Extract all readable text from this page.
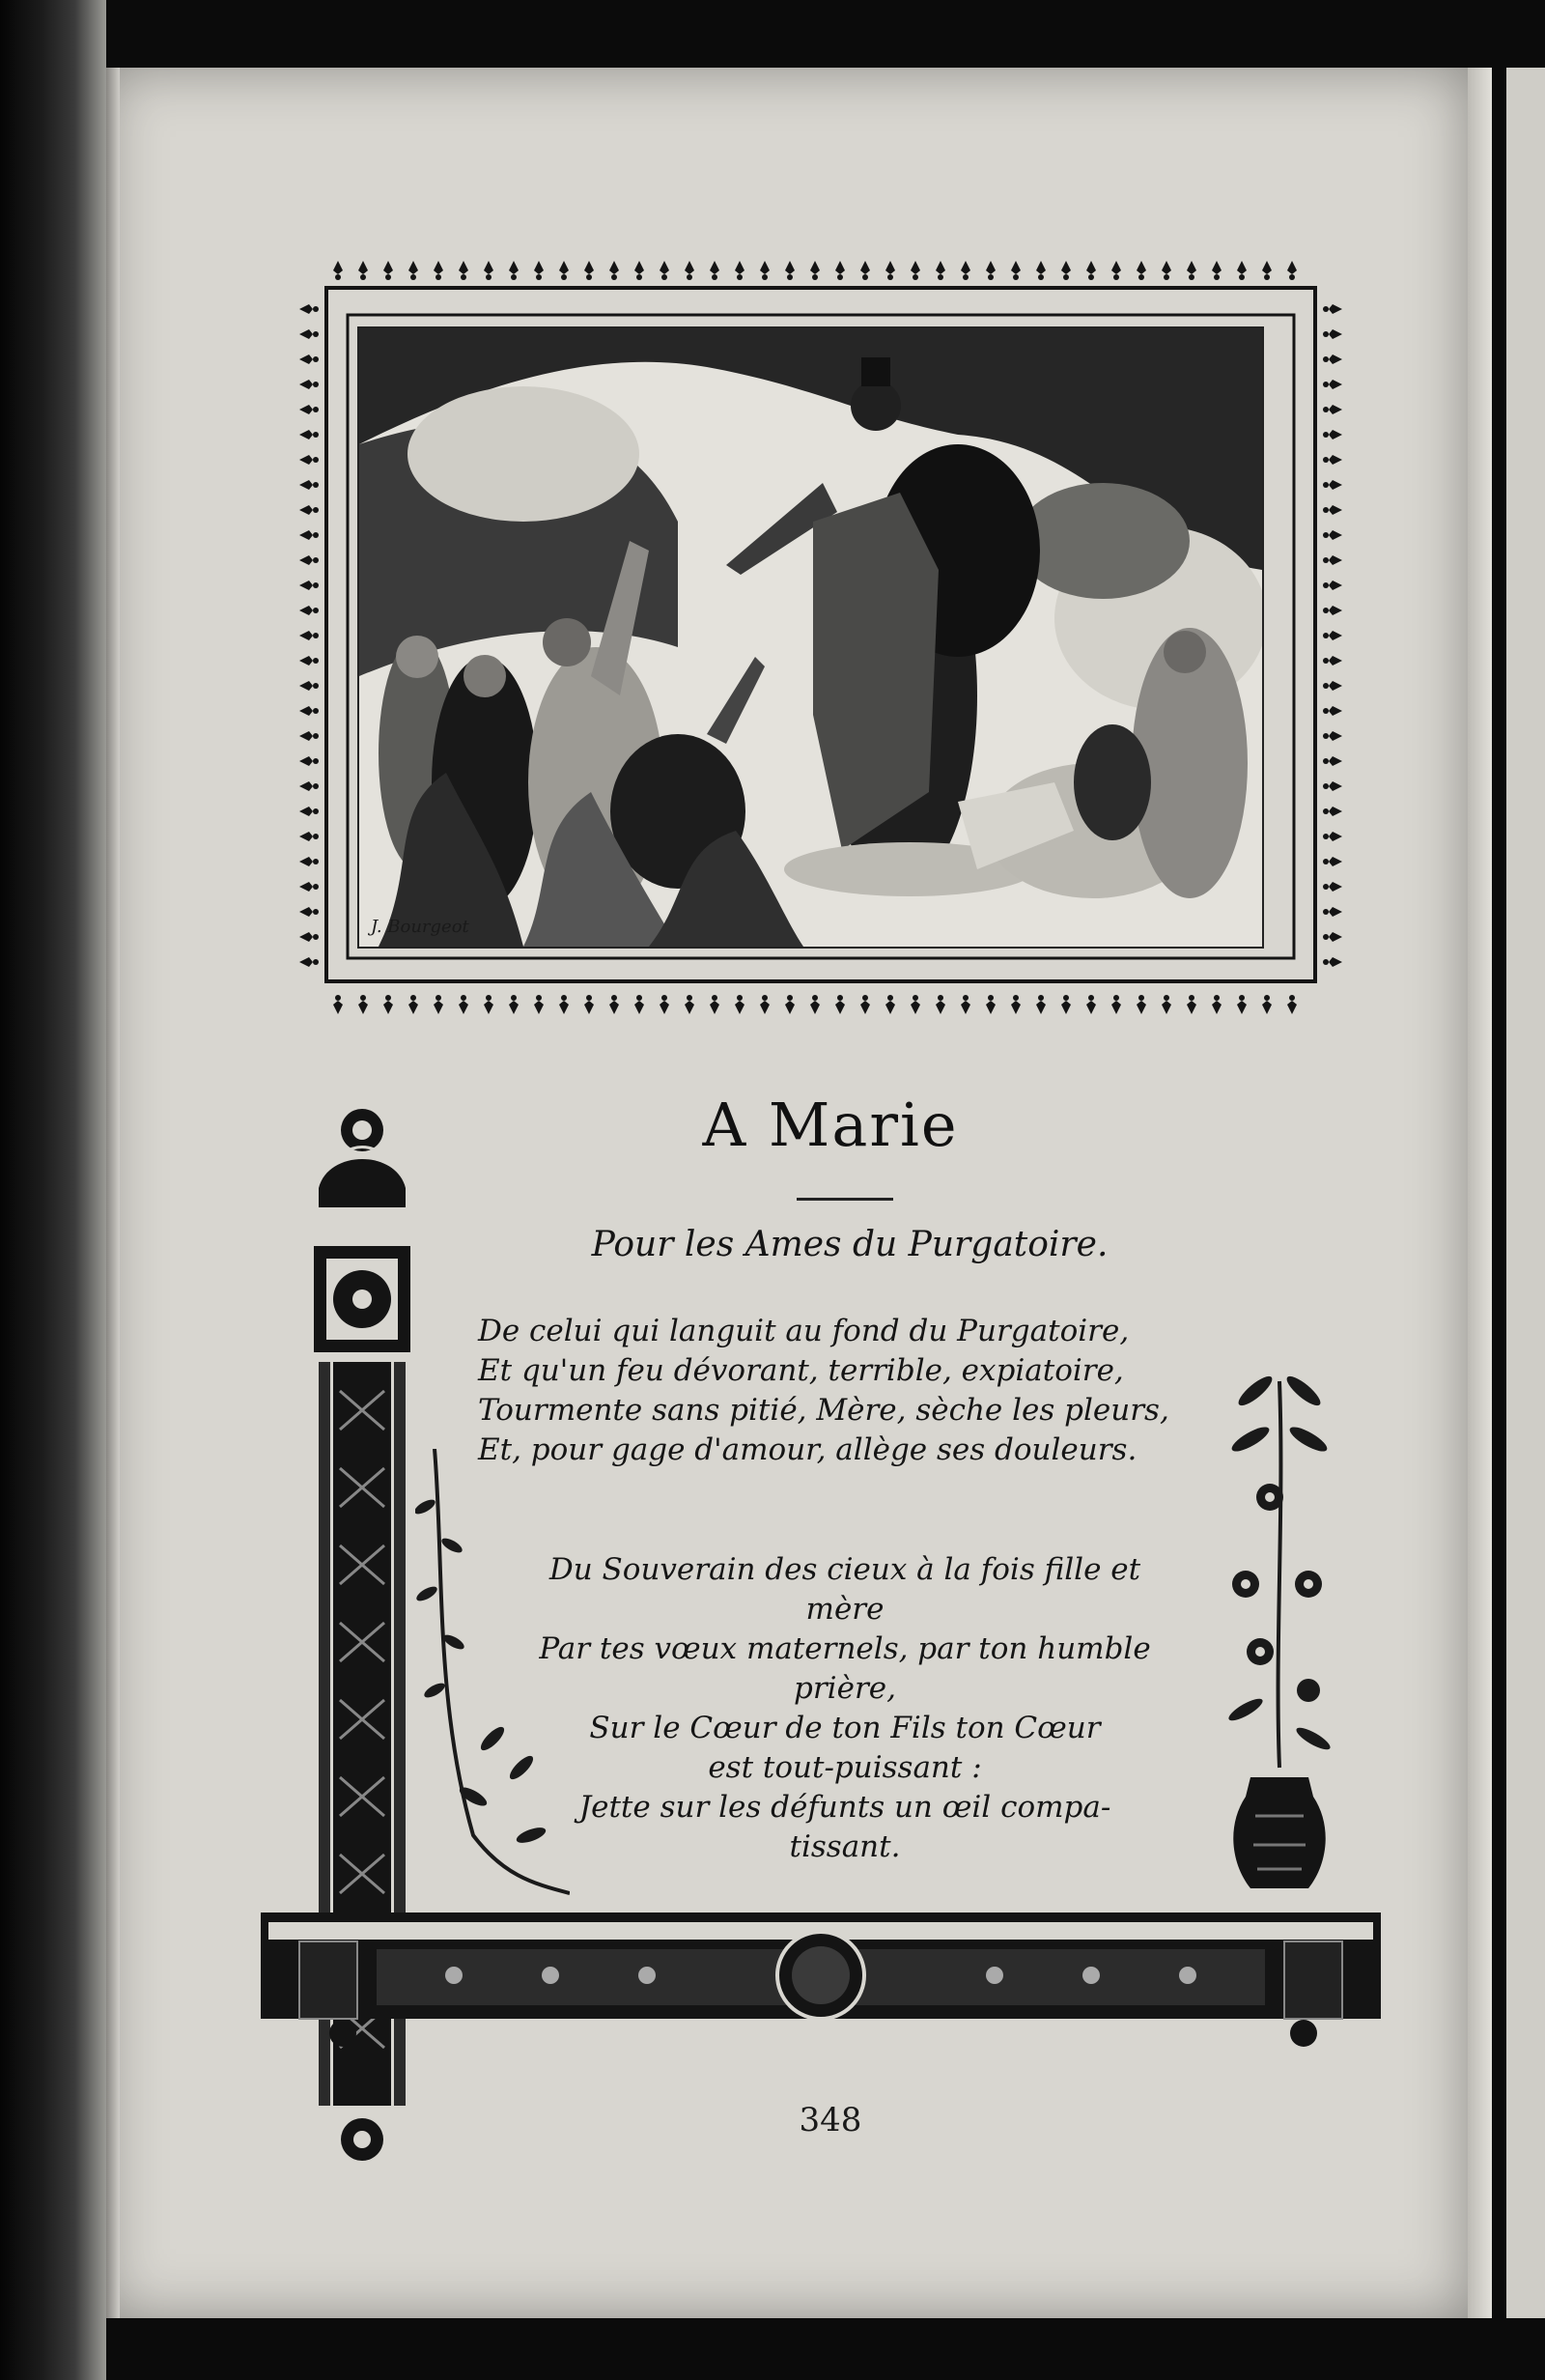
J. Bourgeot
A Marie
Pour les Ames du Purgatoire.
De celui qui languit au fond du Purgatoire,
Et qu'un feu dévorant, terrible, expiatoire,
Tourmente sans pitié, Mère, sèche les pleurs,
Et, pour gage d'amour, allège ses douleurs.
Du Souverain des cieux à la fois fille et
mère
Par tes vœux maternels, par ton humble
prière,
Sur le Cœur de ton Fils ton Cœur
est tout-puissant :
Jette sur les défunts un œil compa-
tissant.
348
